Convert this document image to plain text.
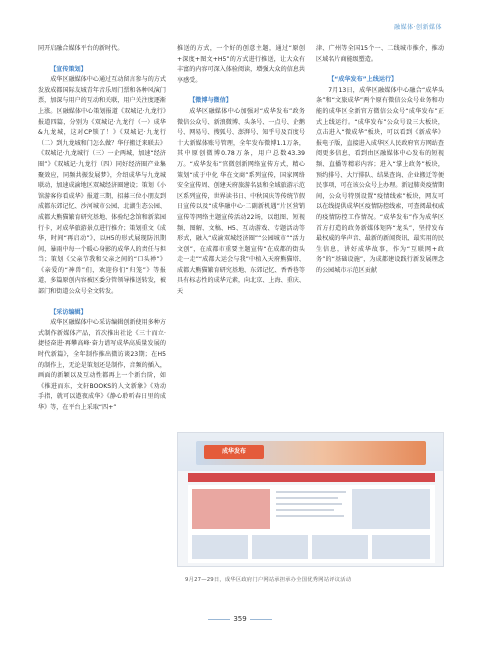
融媒体·创新媒体

同开启融合媒体平台的新时代。

【宣传策划】

成华区融媒体中心通过互动留言参与的方式发放成都国际友城青年音乐周门票和各种风演门票，加深与用户的互动和关联，用户关注度逐渐上涨。区融媒体中心策划报道《双城记·九龙行》报道四篇，分别为《双城记·九龙行（一）成华&九龙城，这对CP锁了！》《双城记·九龙行（二）到九龙城和门怎么做？华仔搬迁来联去》《双城记·九龙城行（三）一企两城，加速“经济圈”》《双城记·九龙行（四）同好经济圈产业集聚效应，同频共振发展梦》，介绍成华与九龙城联动，加速成渝地区双城经济圈建设；策划《小馆游客你看成华》报道三期，招募三位小朋友到成都东郊记忆、沙河城市公园、北湖生态公园、成都大熊猫繁育研究基地、体验纪念馆和新菜园行卡，对成华旅游景点进行推介；策划重文《成华，时间“再启动”》，以H5的形式展现防汛期间，暴雨中每一个暖心身影的成华人的责任与担当；策划《父亲节我和父亲之间的“口头禅”》《亲爱的“神兽”们，欢迎你们“归笼”》等报道，多篇原创内容被区委分管领导推送转发，被部门和街道公众号全文转发。

【采访编辑】

成华区融媒体中心采访编辑创新使用多种方式制作新媒体产品，首次推出社论《三十而立·捷径奋进·再攀高峰·奋力谱写成华高质量发展的时代新篇》，全年制作推出微访谈23期；在H5的制作上，无论是策划还是制作，音频的插入，画面的新颖以及互动性都再上一个新台阶，如《推进而东，文轩BOOKS的人文新象》《劝动手指，就可以遨夜成华》《静心聆听春日里的成华》等，在平台上采取“四+”

推送的方式，一个好的创意主题，通过“原创+深度+图文+H5”的方式进行推送，让大众有丰富的内容可深入体验阅读，增强大众的信息共享感受。

【微博与微信】

成华区融媒体中心加强对“成华发布”政务微信公众号、新浪微博、头条号、一点号、企鹅号、网易号、搜狐号、澎湃号、知乎号及百度号十大新媒体账号管理，全年发布微博1.1万条，其中原创微博0.78万条，用户总数43.39万。“成华发布”官微创新网络宣传方式，精心策划“成于中化 华在文商”系列宣传，国家网络安全宣传周、创建天府旅游名县和全域旅游示范区系列宣传，世界读书日、中秋国庆等传统节假日宣传以及“成华融中心·二副新机遇”片区营销宣传等网络主题宣传活动22场，以组图、短视频、图解、文稿、H5、互动游戏、专题活动等形式，融入“成渝双城经济圈”“公园城市”“活力文创”，在成都市重要主题宣传“在成都的街头走一走”“成都大运会与我”中植入天府熊猫塔、成都大熊猫繁育研究基地、东郊记忆、香香巷等具有标志性的成华元素，向北京、上海、重庆、天

津、广州等全国15个一、二线城市推介，推动区域名片商能级塑造。

【“成华发布”上线运行】

7月13日，成华区融媒体中心融合“成华头条”和“文旅成华”两个原有微信公众号业务和功能的成华区全新官方微信公众号“成华发布”正式上线运行。“成华发布”公众号设三大板块，点击进入“微成华”板块，可以看到《新成华》报电子版，直接进入成华区人民政府官方网站查阅更多信息，看到由区融媒体中心发布的短视频、直播等精彩内容；进入“掌上政务”板块，预约排号、大厅排队、结果查询、企业搬迁等便民事项，可在该公众号上办理。新冠肺炎疫情期间，公众号特别设置“疫情线索”板块，网友可以在线提供成华区疫情防控线索，可查阅最权威的疫情防控工作情况。“成华发布”作为成华区首方打造的政务新媒体矩阵“龙头”，坚持发布最权威的华声音、最新的新闻资讯、最实用的民生信息，讲好成华故事，作为“互联网+政务”的“基础设施”，为成都建设践行新发展理念的公园城市示范区贡献

成华发布
9月27—29日，成华区政府门户网站承担承办全国优秀网站评议活动
359
